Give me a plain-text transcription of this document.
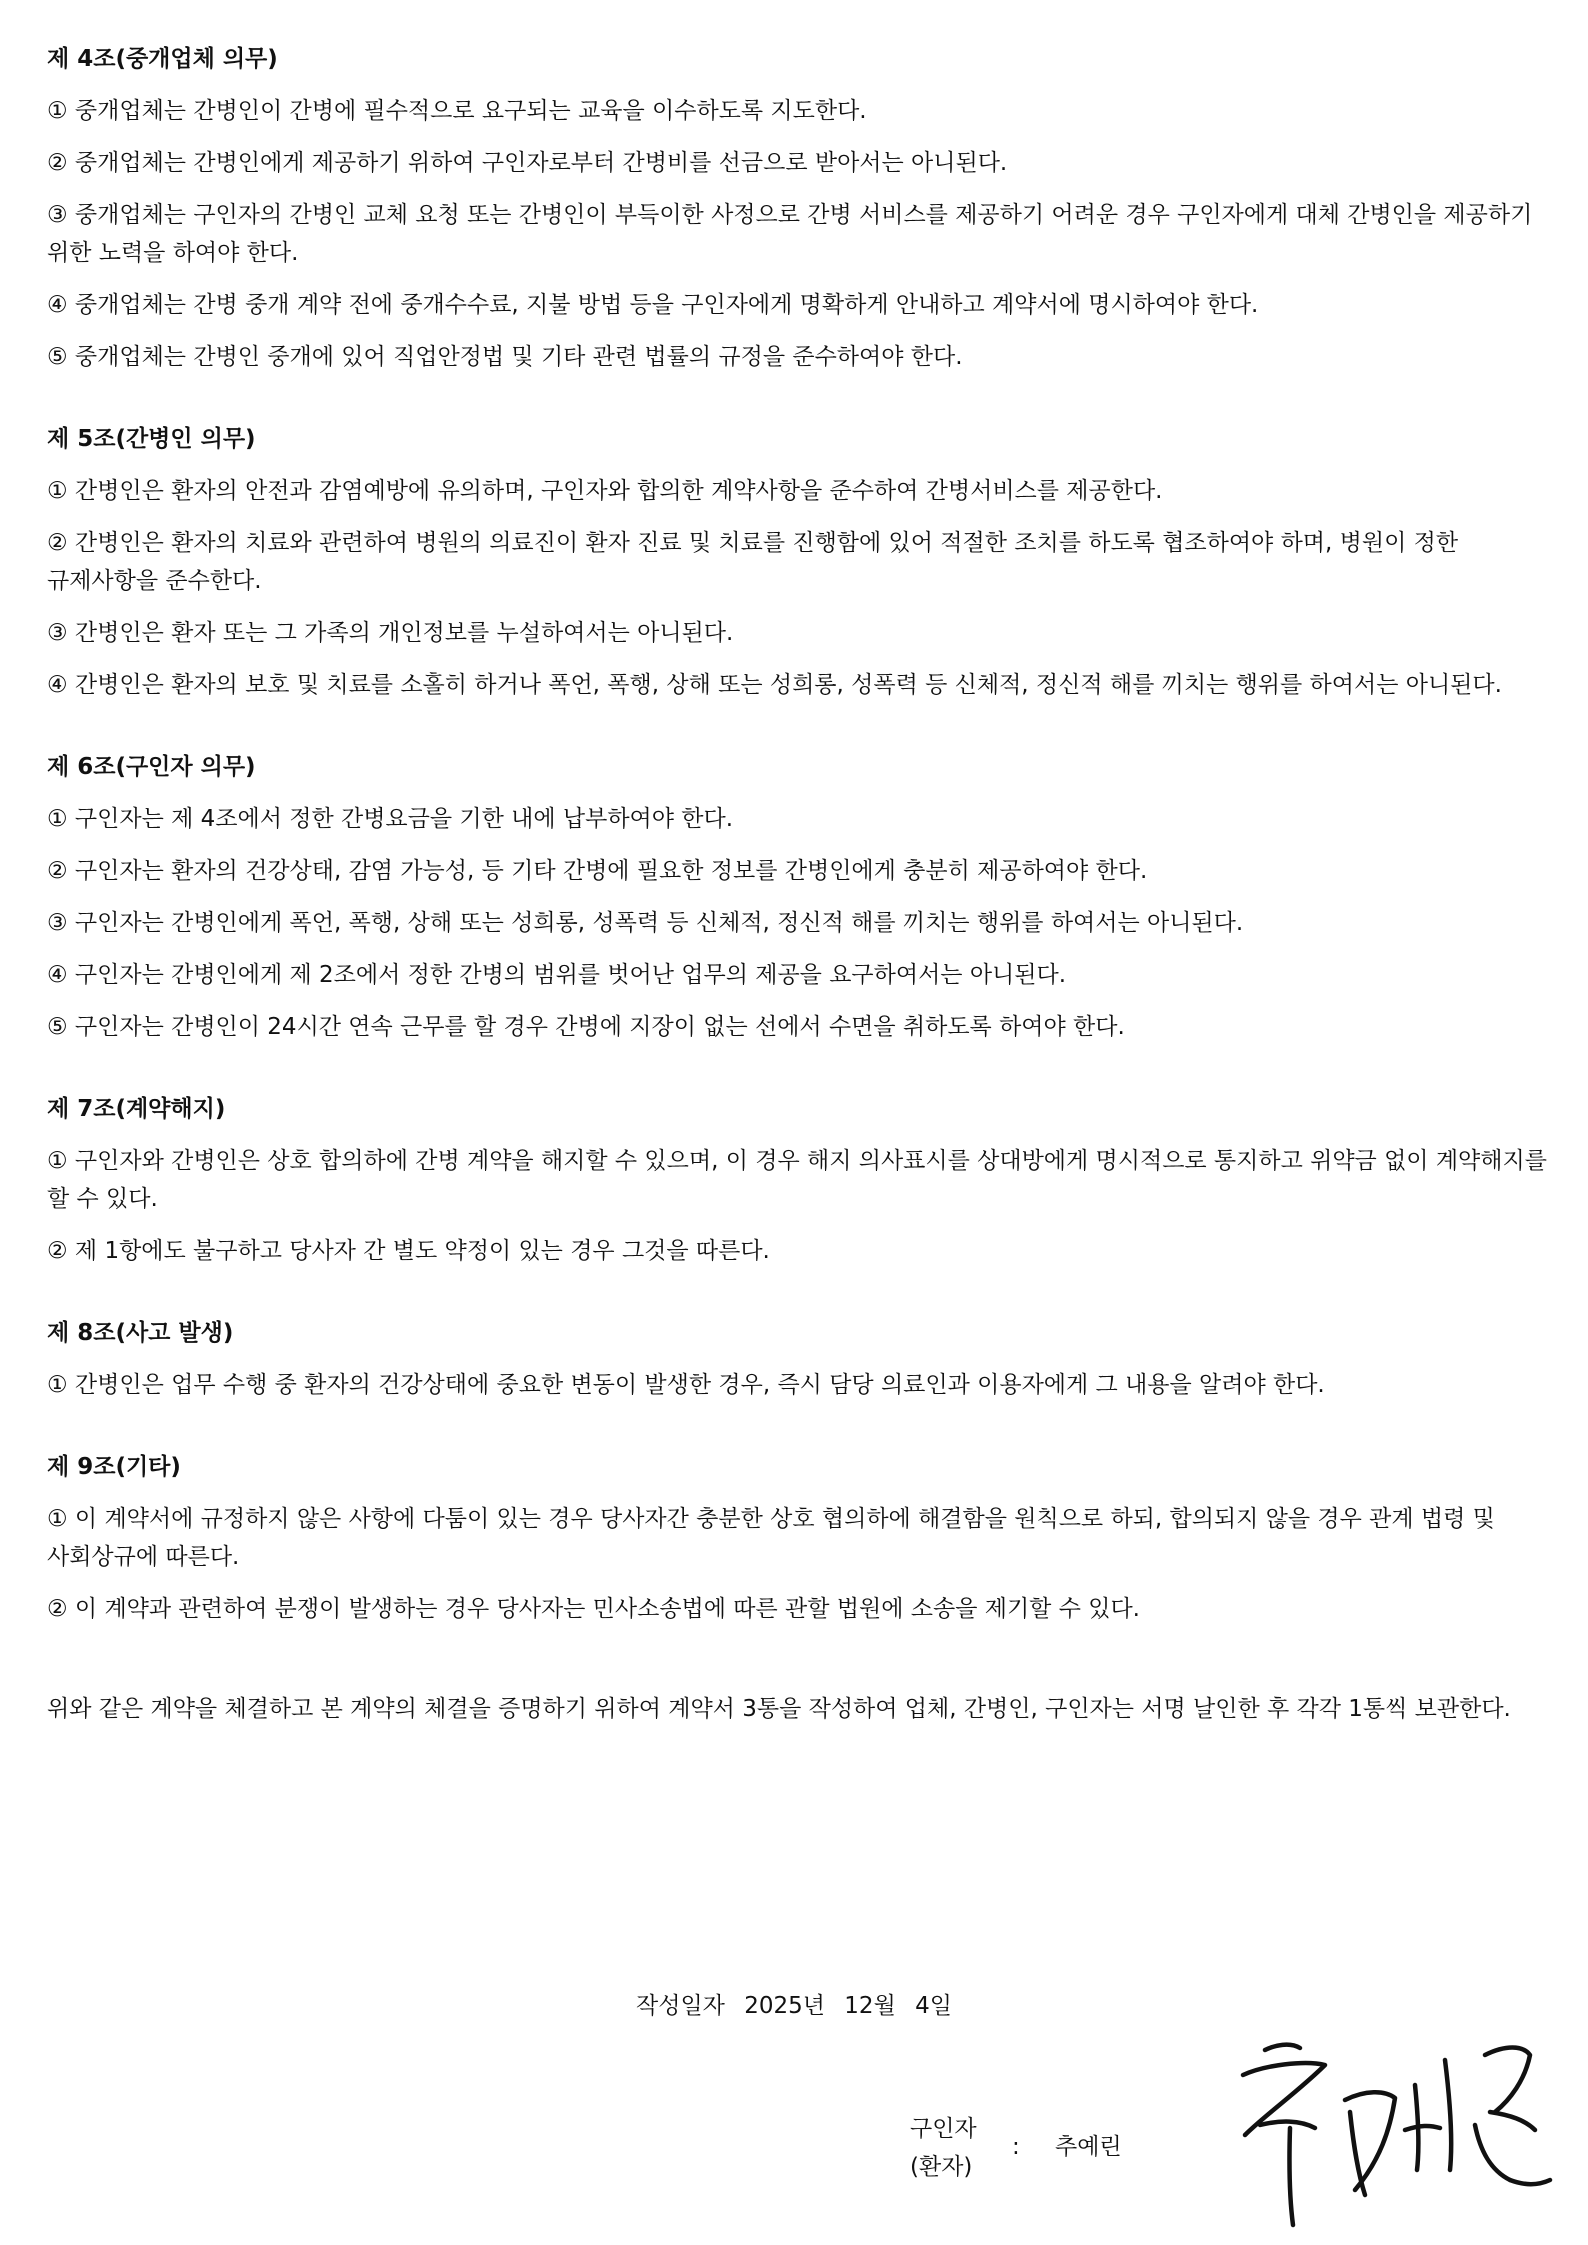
제 4조(중개업체 의무)
① 중개업체는 간병인이 간병에 필수적으로 요구되는 교육을 이수하도록 지도한다.
② 중개업체는 간병인에게 제공하기 위하여 구인자로부터 간병비를 선금으로 받아서는 아니된다.
③ 중개업체는 구인자의 간병인 교체 요청 또는 간병인이 부득이한 사정으로 간병 서비스를 제공하기 어려운 경우 구인자에게 대체 간병인을 제공하기 위한 노력을 하여야 한다.
④ 중개업체는 간병 중개 계약 전에 중개수수료, 지불 방법 등을 구인자에게 명확하게 안내하고 계약서에 명시하여야 한다.
⑤ 중개업체는 간병인 중개에 있어 직업안정법 및 기타 관련 법률의 규정을 준수하여야 한다.
제 5조(간병인 의무)
① 간병인은 환자의 안전과 감염예방에 유의하며, 구인자와 합의한 계약사항을 준수하여 간병서비스를 제공한다.
② 간병인은 환자의 치료와 관련하여 병원의 의료진이 환자 진료 및 치료를 진행함에 있어 적절한 조치를 하도록 협조하여야 하며, 병원이 정한 규제사항을 준수한다.
③ 간병인은 환자 또는 그 가족의 개인정보를 누설하여서는 아니된다.
④ 간병인은 환자의 보호 및 치료를 소홀히 하거나 폭언, 폭행, 상해 또는 성희롱, 성폭력 등 신체적, 정신적 해를 끼치는 행위를 하여서는 아니된다.
제 6조(구인자 의무)
① 구인자는 제 4조에서 정한 간병요금을 기한 내에 납부하여야 한다.
② 구인자는 환자의 건강상태, 감염 가능성, 등 기타 간병에 필요한 정보를 간병인에게 충분히 제공하여야 한다.
③ 구인자는 간병인에게 폭언, 폭행, 상해 또는 성희롱, 성폭력 등 신체적, 정신적 해를 끼치는 행위를 하여서는 아니된다.
④ 구인자는 간병인에게 제 2조에서 정한 간병의 범위를 벗어난 업무의 제공을 요구하여서는 아니된다.
⑤ 구인자는 간병인이 24시간 연속 근무를 할 경우 간병에 지장이 없는 선에서 수면을 취하도록 하여야 한다.
제 7조(계약해지)
① 구인자와 간병인은 상호 합의하에 간병 계약을 해지할 수 있으며, 이 경우 해지 의사표시를 상대방에게 명시적으로 통지하고 위약금 없이 계약해지를 할 수 있다.
② 제 1항에도 불구하고 당사자 간 별도 약정이 있는 경우 그것을 따른다.
제 8조(사고 발생)
① 간병인은 업무 수행 중 환자의 건강상태에 중요한 변동이 발생한 경우, 즉시 담당 의료인과 이용자에게 그 내용을 알려야 한다.
제 9조(기타)
① 이 계약서에 규정하지 않은 사항에 다툼이 있는 경우 당사자간 충분한 상호 협의하에 해결함을 원칙으로 하되, 합의되지 않을 경우 관계 법령 및 사회상규에 따른다.
② 이 계약과 관련하여 분쟁이 발생하는 경우 당사자는 민사소송법에 따른 관할 법원에 소송을 제기할 수 있다.
위와 같은 계약을 체결하고 본 계약의 체결을 증명하기 위하여 계약서 3통을 작성하여 업체, 간병인, 구인자는 서명 날인한 후 각각 1통씩 보관한다.
작성일자 2025년 12월 4일
구인자
(환자)
: 추예린
